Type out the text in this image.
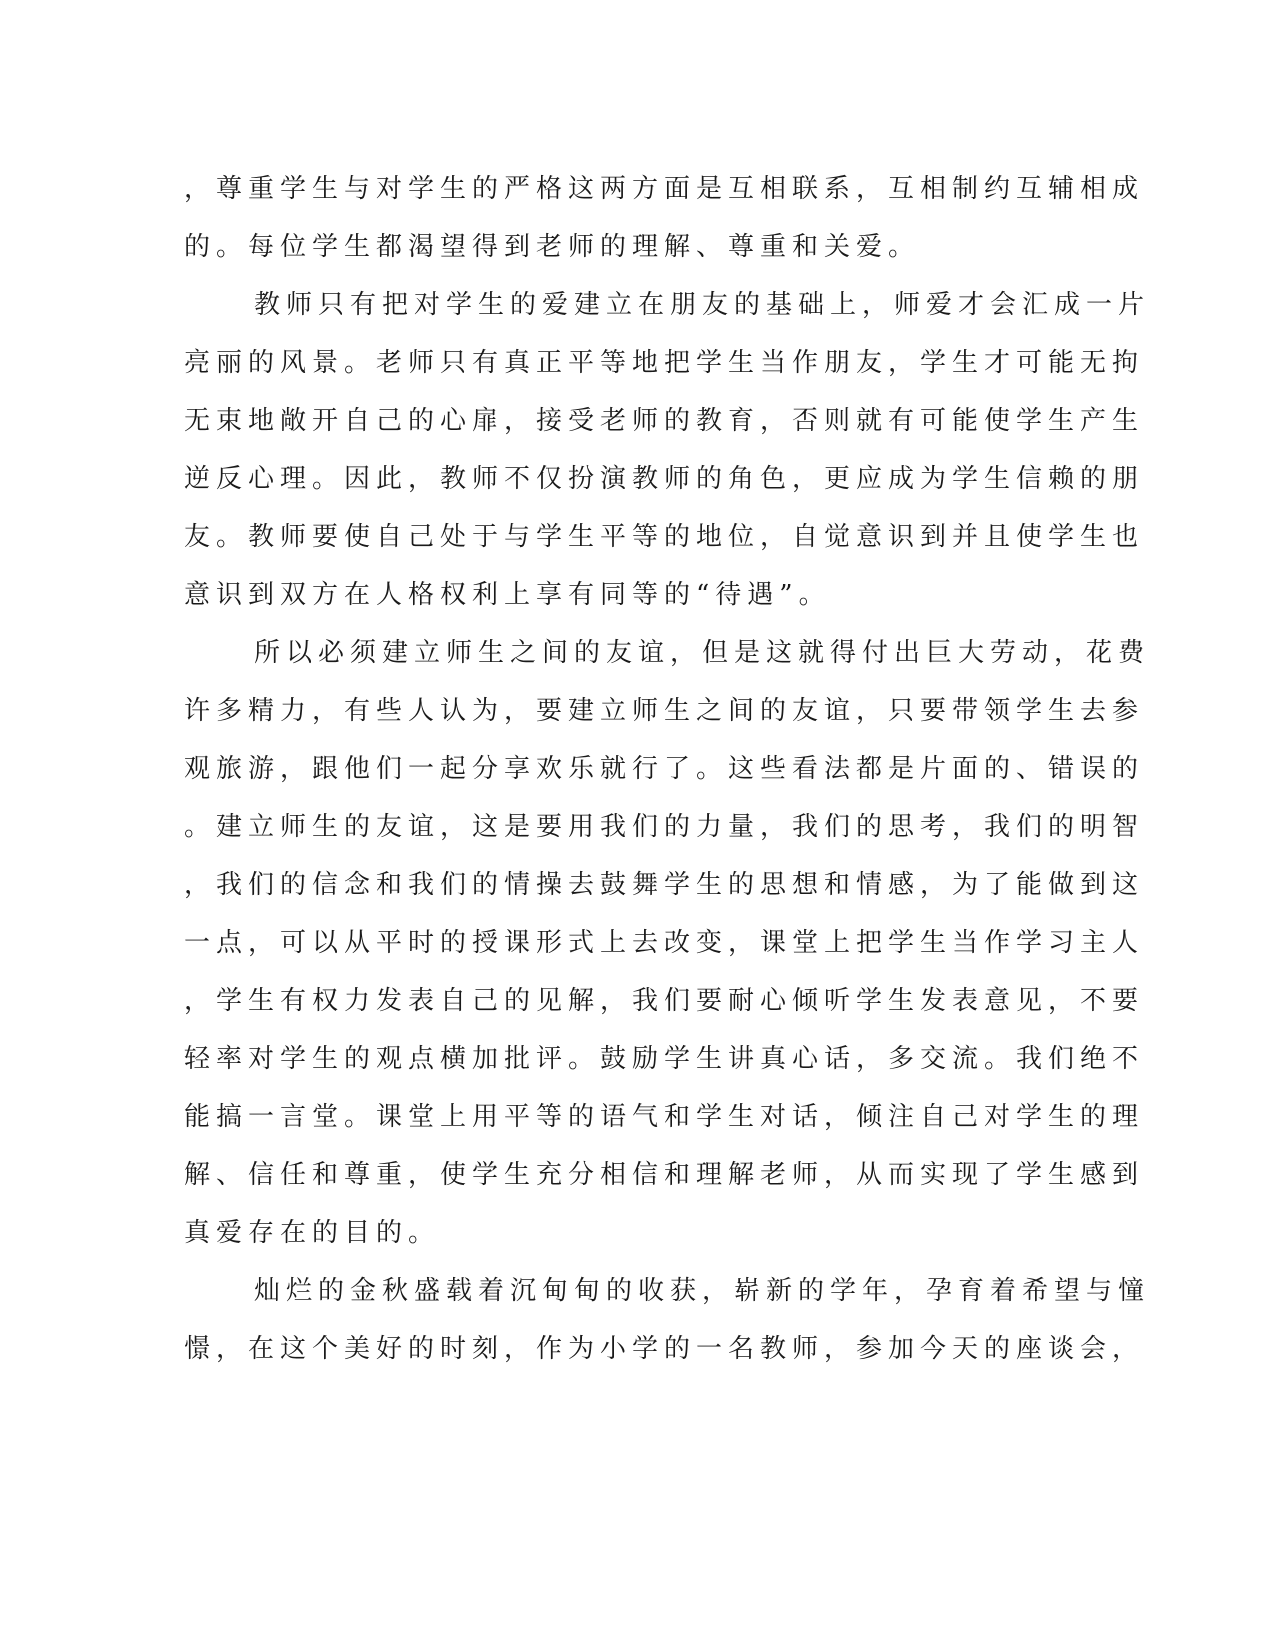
，尊重学生与对学生的严格这两方面是互相联系，互相制约互辅相成
的。每位学生都渴望得到老师的理解、尊重和关爱。
教师只有把对学生的爱建立在朋友的基础上，师爱才会汇成一片
亮丽的风景。老师只有真正平等地把学生当作朋友，学生才可能无拘
无束地敞开自己的心扉，接受老师的教育，否则就有可能使学生产生
逆反心理。因此，教师不仅扮演教师的角色，更应成为学生信赖的朋
友。教师要使自己处于与学生平等的地位，自觉意识到并且使学生也
意识到双方在人格权利上享有同等的“待遇”。
所以必须建立师生之间的友谊，但是这就得付出巨大劳动，花费
许多精力，有些人认为，要建立师生之间的友谊，只要带领学生去参
观旅游，跟他们一起分享欢乐就行了。这些看法都是片面的、错误的
。建立师生的友谊，这是要用我们的力量，我们的思考，我们的明智
，我们的信念和我们的情操去鼓舞学生的思想和情感，为了能做到这
一点，可以从平时的授课形式上去改变，课堂上把学生当作学习主人
，学生有权力发表自己的见解，我们要耐心倾听学生发表意见，不要
轻率对学生的观点横加批评。鼓励学生讲真心话，多交流。我们绝不
能搞一言堂。课堂上用平等的语气和学生对话，倾注自己对学生的理
解、信任和尊重，使学生充分相信和理解老师，从而实现了学生感到
真爱存在的目的。
灿烂的金秋盛载着沉甸甸的收获，崭新的学年，孕育着希望与憧
憬，在这个美好的时刻，作为小学的一名教师，参加今天的座谈会，
